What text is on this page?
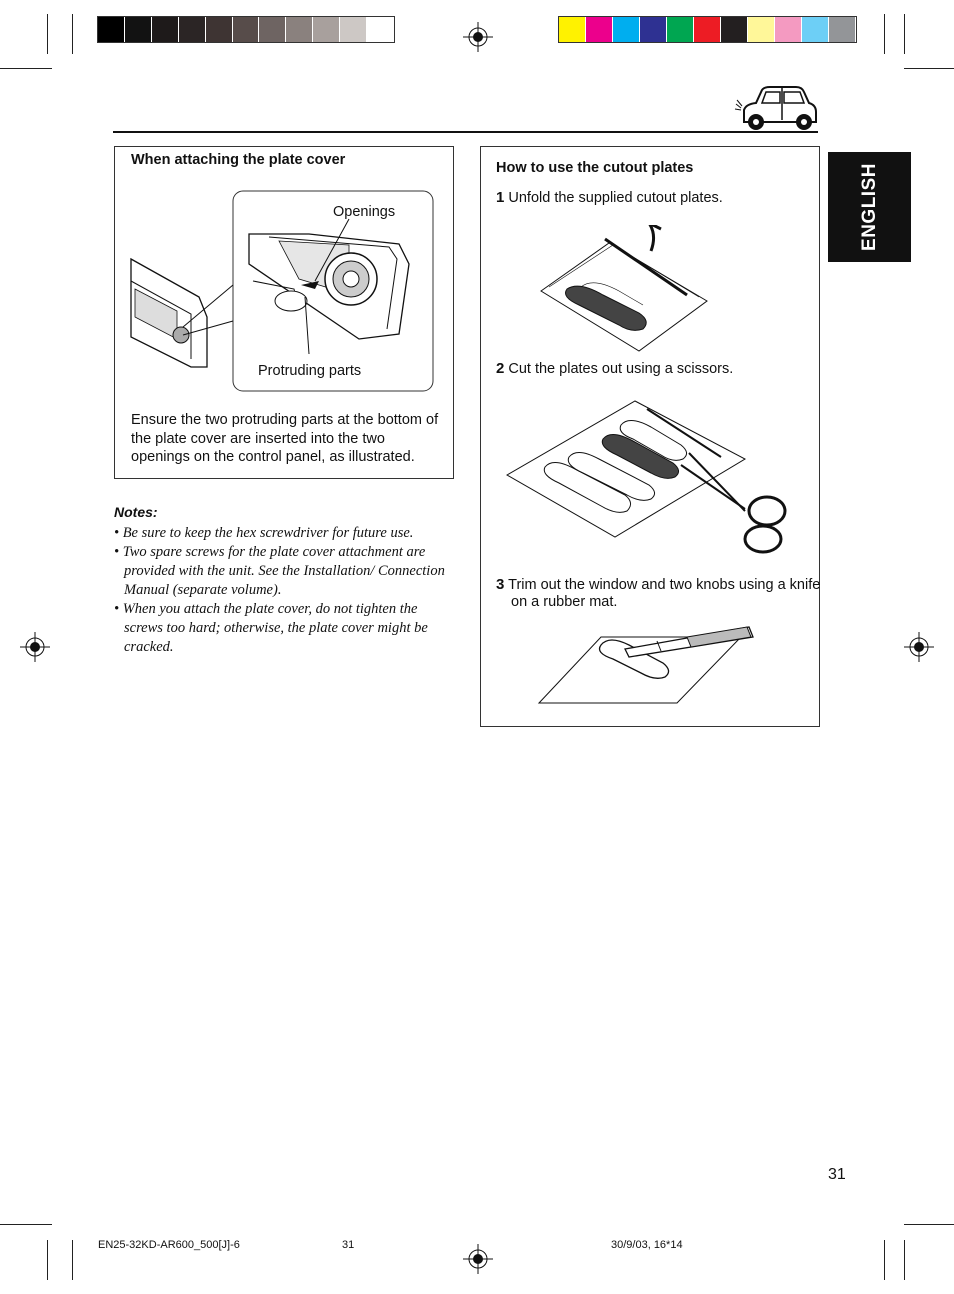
ENGLISH
When attaching the plate cover
Openings
Protruding parts
Ensure the two protruding parts at the bottom of the plate cover are inserted into the two openings on the control panel, as illustrated.
Notes:
• Be sure to keep the hex screwdriver for future use.
• Two spare screws for the plate cover attachment are provided with the unit. See the Installation/ Connection Manual (separate volume).
• When you attach the plate cover, do not tighten the screws too hard; otherwise, the plate cover might be cracked.
How to use the cutout plates
1 Unfold the supplied cutout plates.
2 Cut the plates out using a scissors.
3 Trim out the window and two knobs using a knife on a rubber mat.
31
EN25-32KD-AR600_500[J]-6	31	30/9/03, 16*14
